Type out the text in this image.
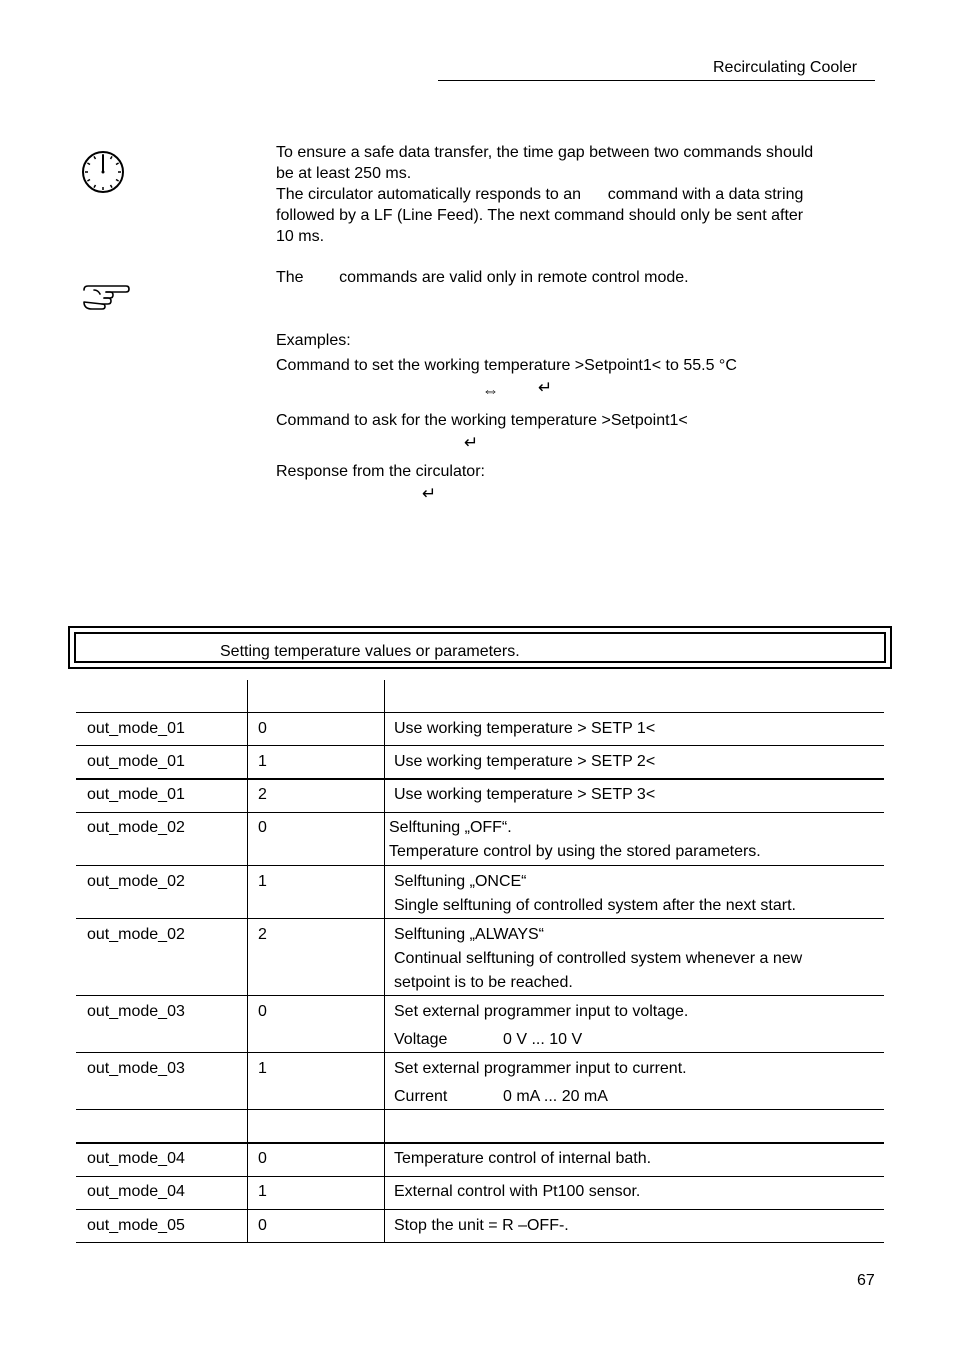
Recirculating Cooler
To ensure a safe data transfer, the time gap between two commands should
be at least 250 ms.
The circulator automatically responds to an      command with a data string
followed by a LF (Line Feed). The next command should only be sent after
10 ms.
The        commands are valid only in remote control mode.
Examples:
Command to set the working temperature >Setpoint1< to 55.5 °C
⇔ ↵
Command to ask for the working temperature >Setpoint1<
↵
Response from the circulator:
↵
Setting temperature values or parameters.
out_mode_01	0	Use working temperature > SETP 1<
out_mode_01	1	Use working temperature > SETP 2<
out_mode_01	2	Use working temperature > SETP 3<
out_mode_02	0	Selftuning „OFF“.
Temperature control by using the stored parameters.
out_mode_02	1	Selftuning „ONCE“
Single selftuning of controlled system after the next start.
out_mode_02	2	Selftuning „ALWAYS“
Continual selftuning of controlled system whenever a new
setpoint is to be reached.
out_mode_03	0	Set external programmer input to voltage.
Voltage	0 V ... 10 V
out_mode_03	1	Set external programmer input to current.
Current	0 mA ... 20 mA
out_mode_04	0	Temperature control of internal bath.
out_mode_04	1	External control with Pt100 sensor.
out_mode_05	0	Stop the unit = R –OFF-.
67
